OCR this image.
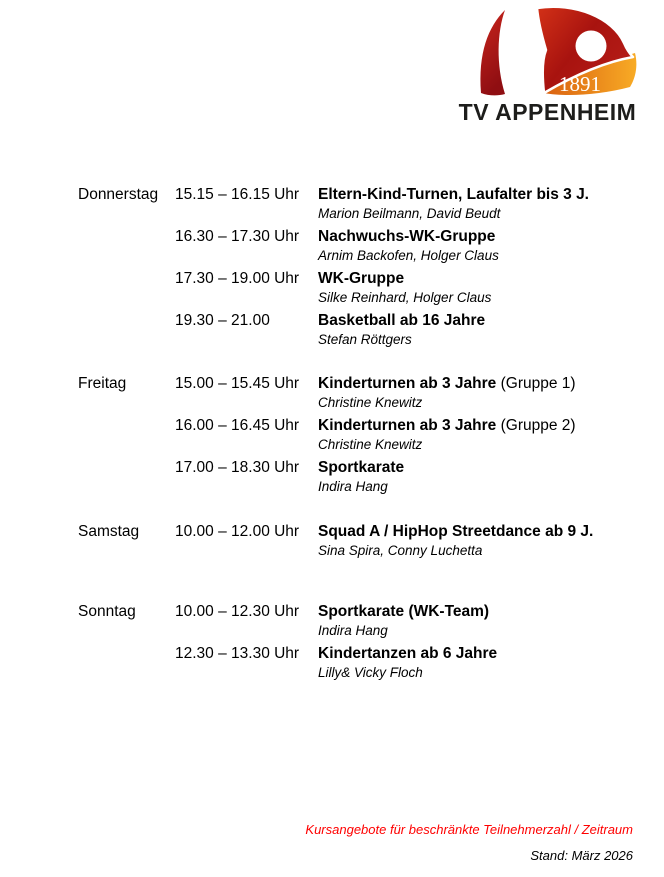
1891
TV APPENHEIM
Donnerstag	15.15 – 16.15 Uhr	Eltern-Kind-Turnen, Laufalter bis 3 J.
Marion Beilmann, David Beudt
16.30 – 17.30 Uhr	Nachwuchs-WK-Gruppe
Arnim Backofen, Holger Claus
17.30 – 19.00 Uhr	WK-Gruppe
Silke Reinhard, Holger Claus
19.30 – 21.00	Basketball ab 16 Jahre
Stefan Röttgers
Freitag	15.00 – 15.45 Uhr	Kinderturnen ab 3 Jahre (Gruppe 1)
Christine Knewitz
16.00 – 16.45 Uhr	Kinderturnen ab 3 Jahre (Gruppe 2)
Christine Knewitz
17.00 – 18.30 Uhr	Sportkarate
Indira Hang
Samstag	10.00 – 12.00 Uhr	Squad A / HipHop Streetdance ab 9 J.
Sina Spira, Conny Luchetta
Sonntag	10.00 – 12.30 Uhr	Sportkarate (WK-Team)
Indira Hang
12.30 – 13.30 Uhr	Kindertanzen ab 6 Jahre
Lilly& Vicky Floch
Kursangebote für beschränkte Teilnehmerzahl / Zeitraum
Stand: März 2026
